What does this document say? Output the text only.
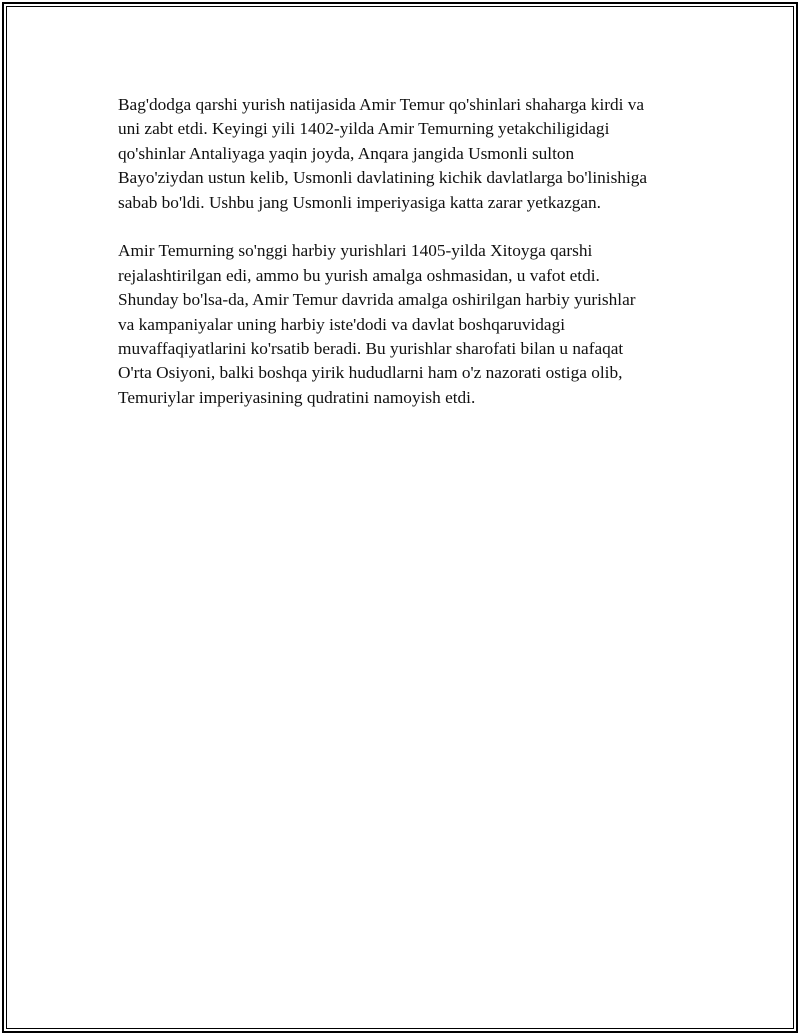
Bag'dodga qarshi yurish natijasida Amir Temur qo'shinlari shaharga kirdi va
uni zabt etdi. Keyingi yili 1402-yilda Amir Temurning yetakchiligidagi
qo'shinlar Antaliyaga yaqin joyda, Anqara jangida Usmonli sulton
Bayo'ziydan ustun kelib, Usmonli davlatining kichik davlatlarga bo'linishiga
sabab bo'ldi. Ushbu jang Usmonli imperiyasiga katta zarar yetkazgan.

Amir Temurning so'nggi harbiy yurishlari 1405-yilda Xitoyga qarshi
rejalashtirilgan edi, ammo bu yurish amalga oshmasidan, u vafot etdi.
Shunday bo'lsa-da, Amir Temur davrida amalga oshirilgan harbiy yurishlar
va kampaniyalar uning harbiy iste'dodi va davlat boshqaruvidagi
muvaffaqiyatlarini ko'rsatib beradi. Bu yurishlar sharofati bilan u nafaqat
O'rta Osiyoni, balki boshqa yirik hududlarni ham o'z nazorati ostiga olib,
Temuriylar imperiyasining qudratini namoyish etdi.
